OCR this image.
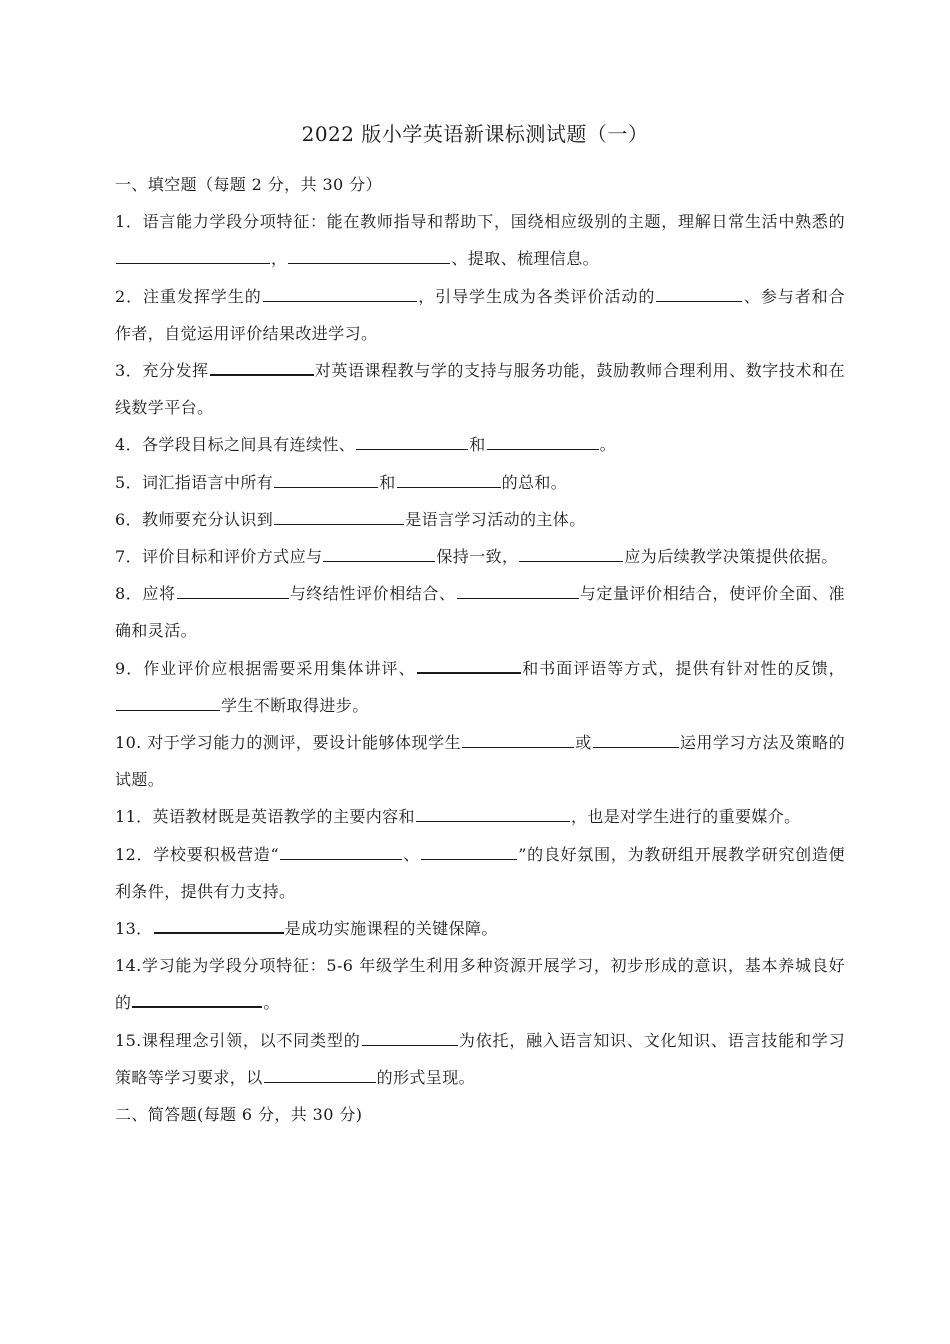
2022 版小学英语新课标测试题（一）

一、填空题（每题 2 分，共 30 分）

1．语言能力学段分项特征：能在教师指导和帮助下，国绕相应级别的主题，理解日常生活中熟悉的，	、提取、梳理信息。

2．注重发挥学生的	，引导学生成为各类评价活动的	、参与者和合作者，自觉运用评价结果改进学习。

3．充分发挥	对英语课程教与学的支持与服务功能，鼓励教师合理利用、数字技术和在线数学平台。

4．各学段目标之间具有连续性、	和	。

5．词汇指语言中所有	和	的总和。

6．教师要充分认识到	是语言学习活动的主体。

7．评价目标和评价方式应与	保持一致，	应为后续教学决策提供依据。

8．应将	与终结性评价相结合、	与定量评价相结合，使评价全面、准确和灵活。

9．作业评价应根据需要采用集体讲评、	和书面评语等方式，提供有针对性的反馈，学生不断取得进步。

10. 对于学习能力的测评，要设计能够体现学生	或	运用学习方法及策略的试题。

11．英语教材既是英语教学的主要内容和	，也是对学生进行的重要媒介。

12．学校要积极营造“	、	”的良好氛围，为教研组开展教学研究创造便利条件，提供有力支持。

13．	是成功实施课程的关键保障。

14.学习能为学段分项特征：5-6 年级学生利用多种资源开展学习，初步形成的意识，基本养城良好的	。

15.课程理念引领，以不同类型的	为依托，融入语言知识、文化知识、语言技能和学习策略等学习要求，以	的形式呈现。

二、简答题(每题 6 分，共 30 分)
